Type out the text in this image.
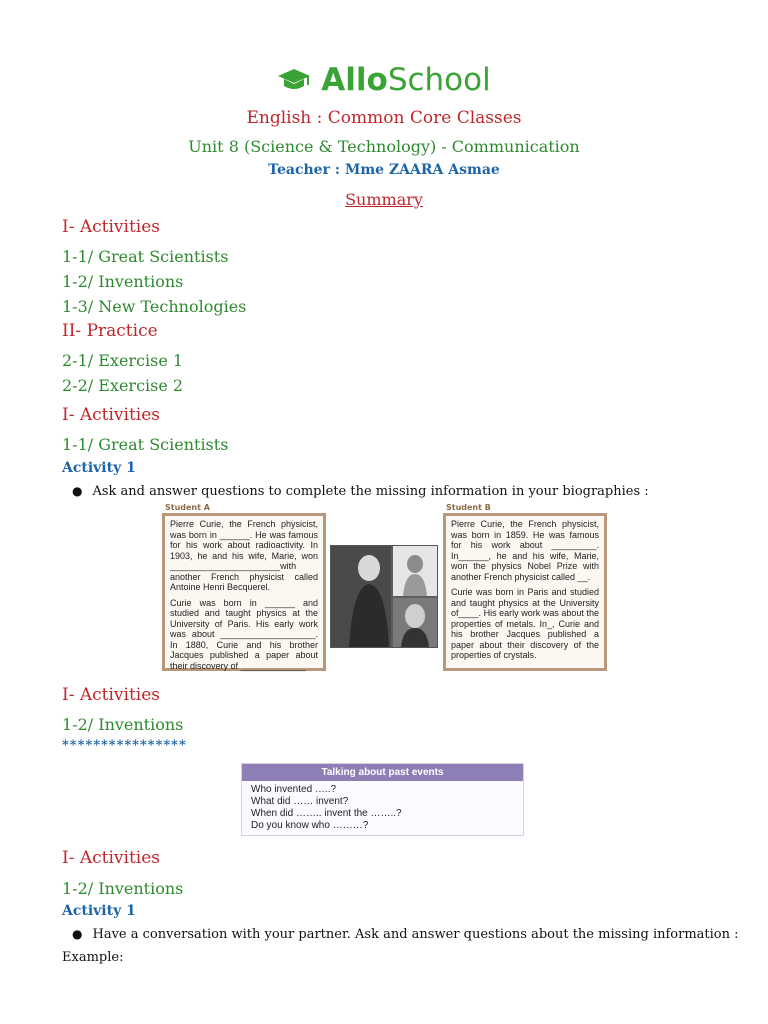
AlloSchool
English : Common Core Classes
Unit 8 (Science & Technology) - Communication
Teacher : Mme ZAARA Asmae
Summary
I- Activities
1-1/ Great Scientists
1-2/ Inventions
1-3/ New Technologies
II- Practice
2-1/ Exercise 1
2-2/ Exercise 2
I- Activities
1-1/ Great Scientists
Activity 1
● Ask and answer questions to complete the missing information in your biographies :
Student A

Pierre Curie, the French physicist, was born in ______. He was famous for his work about radioactivity. In 1903, he and his wife, Marie, won ______________________with another French physicist called Antoine Henri Becquerel.

Curie was born in ______ and studied and taught physics at the University of Paris. His early work was about ___________________. In 1880, Curie and his brother Jacques published a paper about their discovery of _____________

Student B

Pierre Curie, the French physicist, was born in 1859. He was famous for his work about _________. In______, he and his wife, Marie, won the physics Nobel Prize with another French physicist called __.

Curie was born in Paris and studied and taught physics at the University of____. His early work was about the properties of metals. In_, Curie and his brother Jacques published a paper about their discovery of the properties of crystals.

I- Activities
1-2/ Inventions
****************
Talking about past events
Who invented …..?
What did …… invent?
When did …….. invent the ……..?
Do you know who ………?
I- Activities
1-2/ Inventions
Activity 1
● Have a conversation with your partner. Ask and answer questions about the missing information :
Example:
